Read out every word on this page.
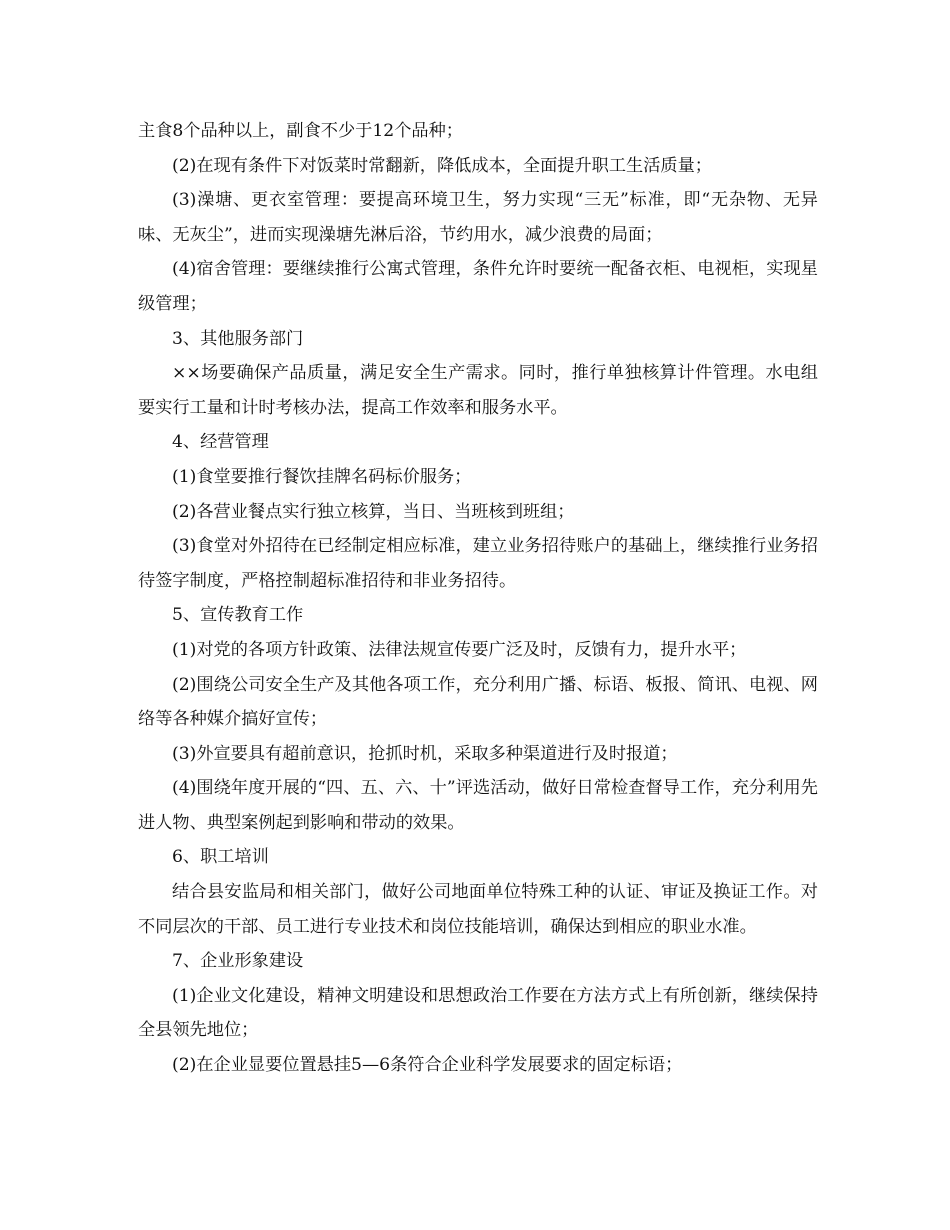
主食8个品种以上，副食不少于12个品种；

(2)在现有条件下对饭菜时常翻新，降低成本，全面提升职工生活质量；

(3)澡塘、更衣室管理：要提高环境卫生，努力实现“三无”标准，即“无杂物、无异味、无灰尘”，进而实现澡塘先淋后浴，节约用水，减少浪费的局面；

(4)宿舍管理：要继续推行公寓式管理，条件允许时要统一配备衣柜、电视柜，实现星级管理；

3、其他服务部门

××场要确保产品质量，满足安全生产需求。同时，推行单独核算计件管理。水电组要实行工量和计时考核办法，提高工作效率和服务水平。

4、经营管理

(1)食堂要推行餐饮挂牌名码标价服务；

(2)各营业餐点实行独立核算，当日、当班核到班组；

(3)食堂对外招待在已经制定相应标准，建立业务招待账户的基础上，继续推行业务招待签字制度，严格控制超标准招待和非业务招待。

5、宣传教育工作

(1)对党的各项方针政策、法律法规宣传要广泛及时，反馈有力，提升水平；

(2)围绕公司安全生产及其他各项工作，充分利用广播、标语、板报、简讯、电视、网络等各种媒介搞好宣传；

(3)外宣要具有超前意识，抢抓时机，采取多种渠道进行及时报道；

(4)围绕年度开展的“四、五、六、十”评选活动，做好日常检查督导工作，充分利用先进人物、典型案例起到影响和带动的效果。

6、职工培训

结合县安监局和相关部门，做好公司地面单位特殊工种的认证、审证及换证工作。对不同层次的干部、员工进行专业技术和岗位技能培训，确保达到相应的职业水准。

7、企业形象建设

(1)企业文化建设，精神文明建设和思想政治工作要在方法方式上有所创新，继续保持全县领先地位；

(2)在企业显要位置悬挂5—6条符合企业科学发展要求的固定标语；
